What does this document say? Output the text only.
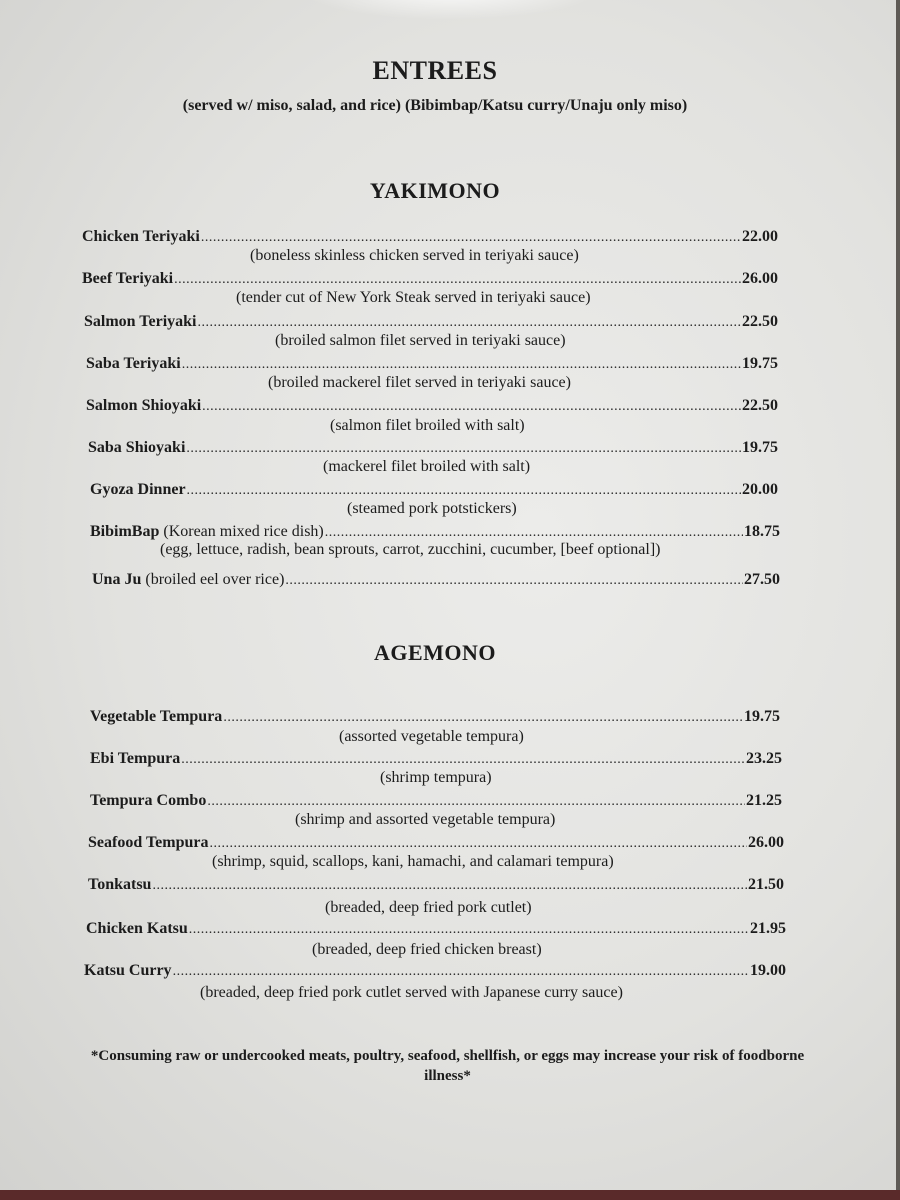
ENTREES
(served w/ miso, salad, and rice) (Bibimbap/Katsu curry/Unaju only miso)
YAKIMONO
Chicken Teriyaki .....	22.00
(boneless skinless chicken served in teriyaki sauce)
Beef Teriyaki .....	26.00
(tender cut of New York Steak served in teriyaki sauce)
Salmon Teriyaki .....	22.50
(broiled salmon filet served in teriyaki sauce)
Saba Teriyaki .....	19.75
(broiled mackerel filet served in teriyaki sauce)
Salmon Shioyaki .....	22.50
(salmon filet broiled with salt)
Saba Shioyaki .....	19.75
(mackerel filet broiled with salt)
Gyoza Dinner .....	20.00
(steamed pork potstickers)
BibimBap (Korean mixed rice dish) .....	18.75
(egg, lettuce, radish, bean sprouts, carrot, zucchini, cucumber, [beef optional])
Una Ju (broiled eel over rice) .....	27.50
AGEMONO
Vegetable Tempura .....	19.75
(assorted vegetable tempura)
Ebi Tempura .....	23.25
(shrimp tempura)
Tempura Combo .....	21.25
(shrimp and assorted vegetable tempura)
Seafood Tempura .....	26.00
(shrimp, squid, scallops, kani, hamachi, and calamari tempura)
Tonkatsu .....	21.50
(breaded, deep fried pork cutlet)
Chicken Katsu .....	21.95
(breaded, deep fried chicken breast)
Katsu Curry .....	19.00
(breaded, deep fried pork cutlet served with Japanese curry sauce)
*Consuming raw or undercooked meats, poultry, seafood, shellfish, or eggs may increase your risk of foodborne illness*
